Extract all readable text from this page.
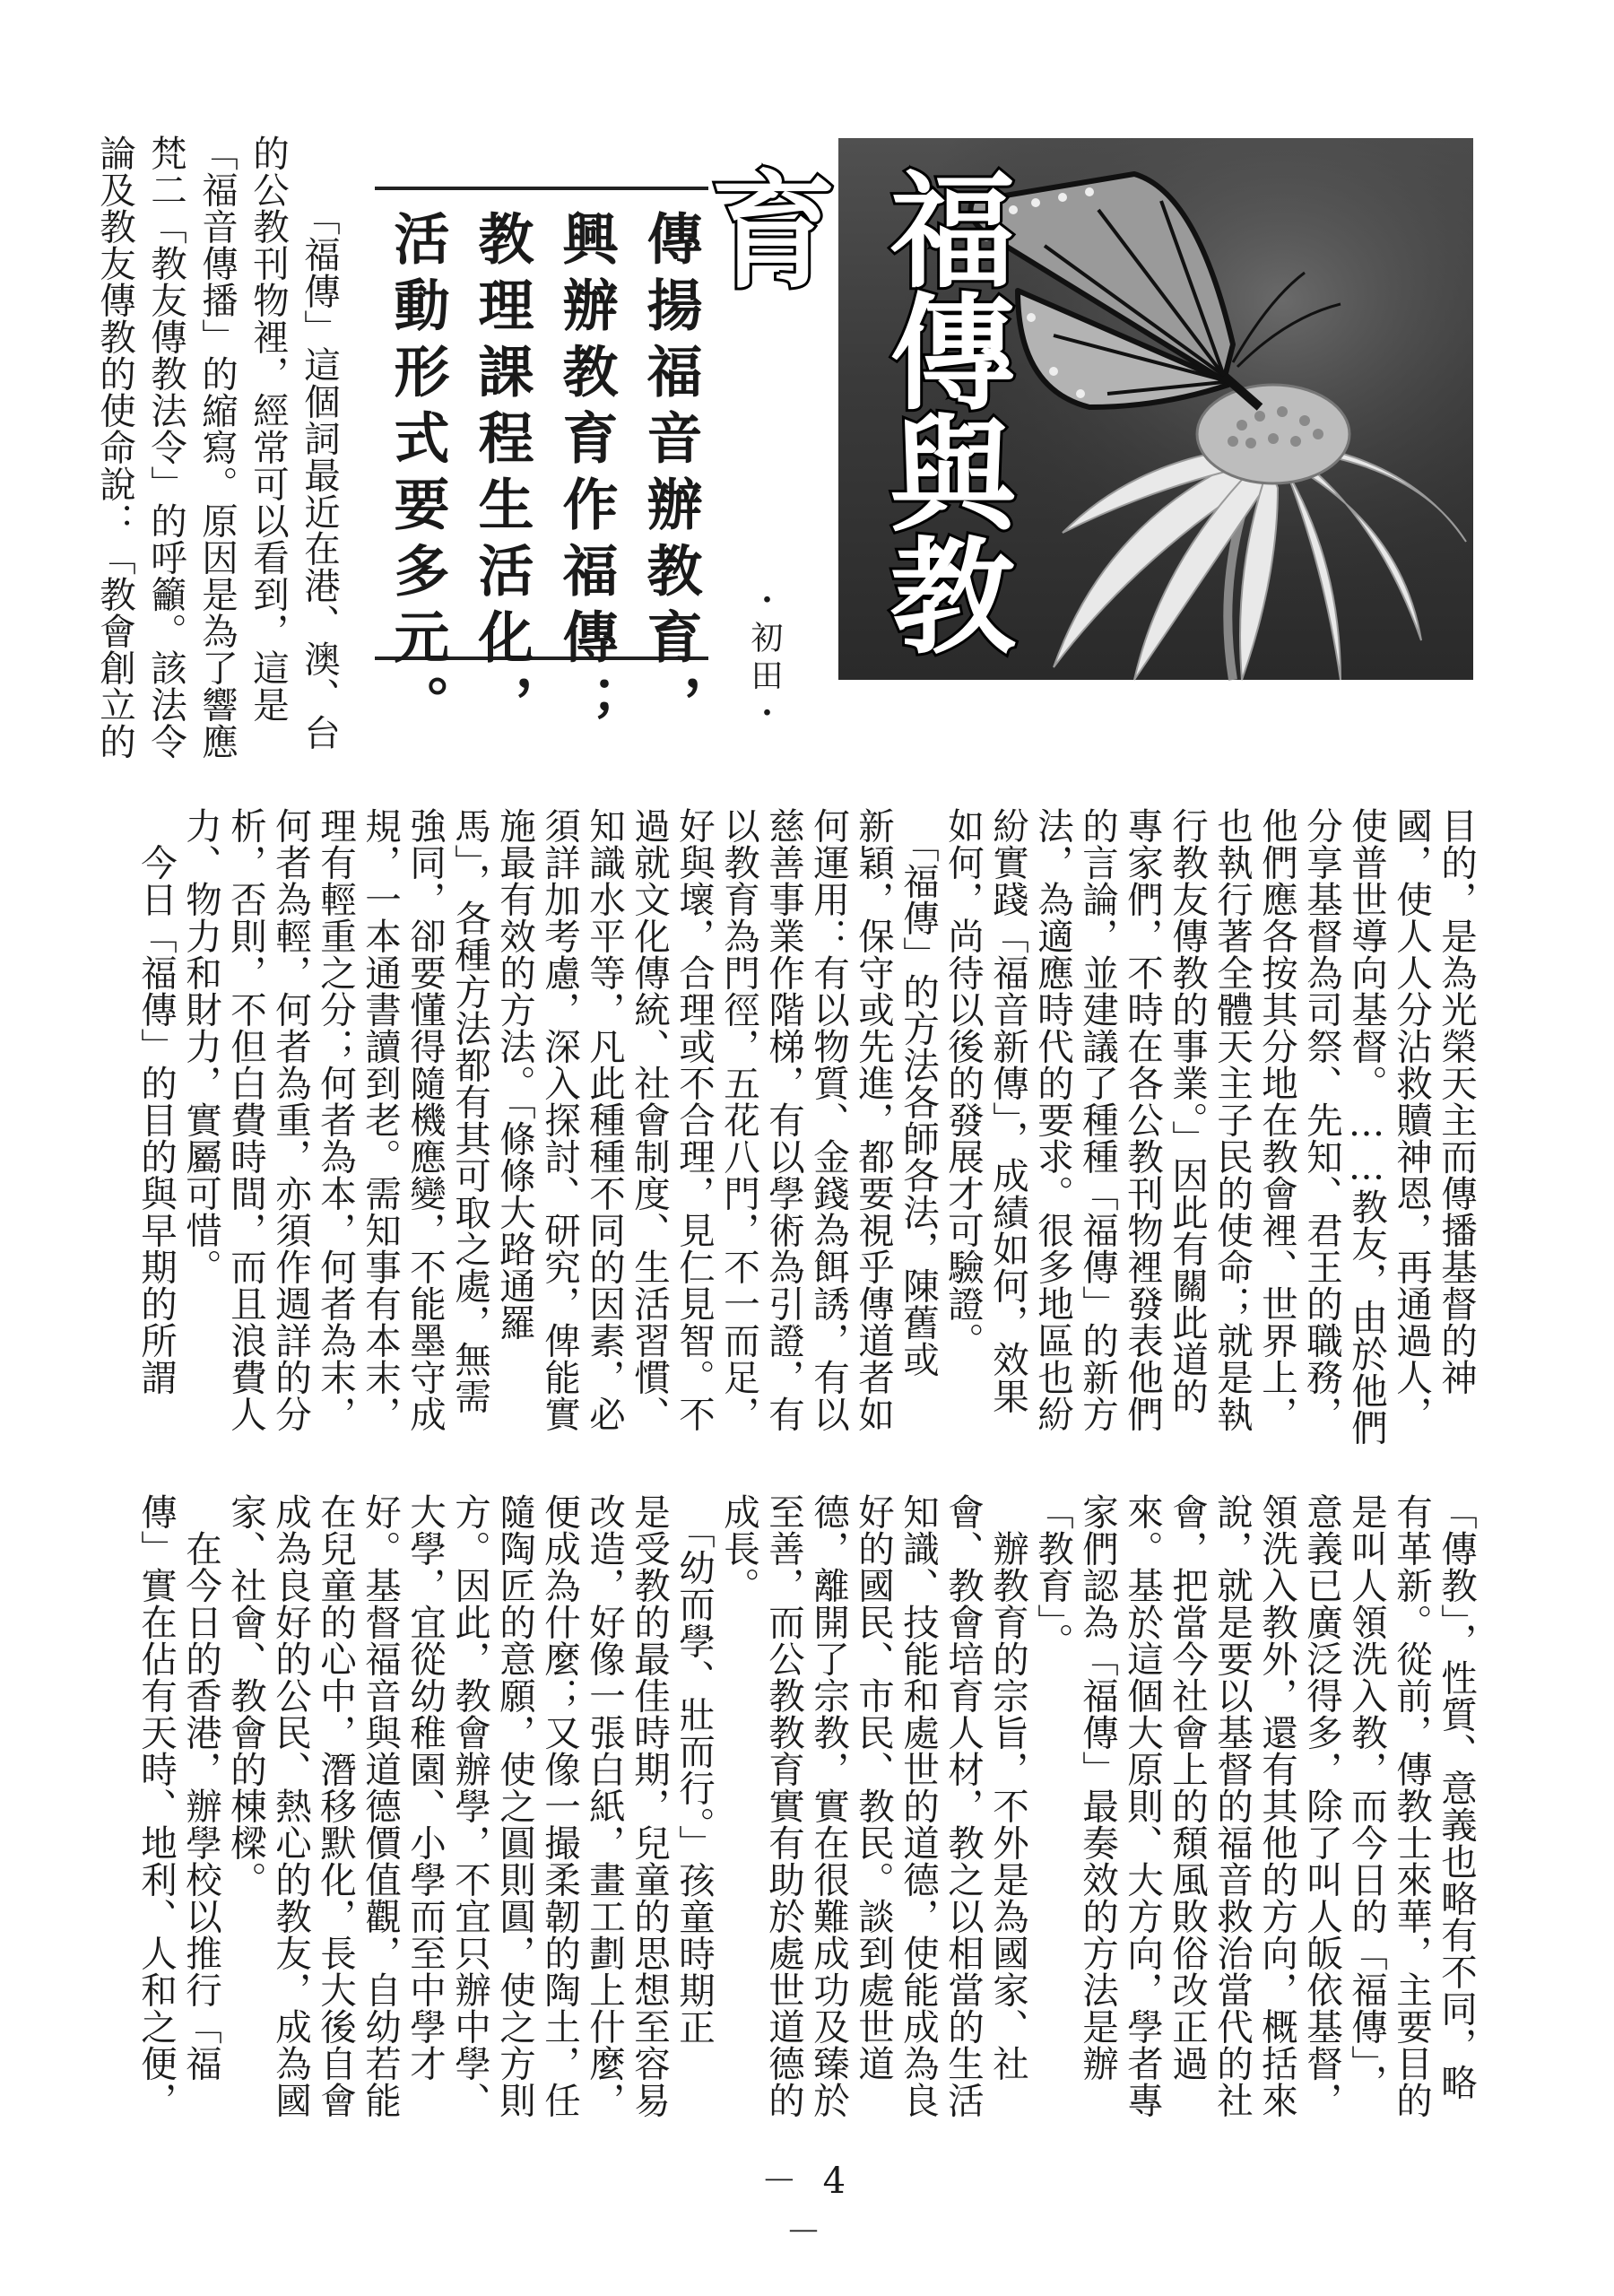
福傳與教育
・初田・
傳揚福音辦教育，
興辦教育作福傳；
教理課程生活化，
活動形式要多元。
「福傳」這個詞最近在港、澳、台
的公教刊物裡，經常可以看到，這是
「福音傳播」的縮寫。原因是為了響應
梵二「教友傳教法令」的呼籲。該法令
論及教友傳教的使命說：「教會創立的
目的，是為光榮天主而傳播基督的神
國，使人人分沾救贖神恩，再通過人，
使普世導向基督。……教友，由於他們
分享基督為司祭、先知、君王的職務，
他們應各按其分地在教會裡、世界上，
也執行著全體天主子民的使命；就是執
行教友傳教的事業。」因此有關此道的
專家們，不時在各公教刊物裡發表他們
的言論，並建議了種種「福傳」的新方
法，為適應時代的要求。很多地區也紛
紛實踐「福音新傳」，成績如何，效果
如何，尚待以後的發展才可驗證。
　「福傳」的方法各師各法，陳舊或
新穎，保守或先進，都要視乎傳道者如
何運用：有以物質、金錢為餌誘，有以
慈善事業作階梯，有以學術為引證，有
以教育為門徑，五花八門，不一而足，
好與壞，合理或不合理，見仁見智。不
過就文化傳統、社會制度、生活習慣、
知識水平等，凡此種種不同的因素，必
須詳加考慮，深入探討、研究，俾能實
施最有效的方法。「條條大路通羅
馬」，各種方法都有其可取之處，無需
強同，卻要懂得隨機應變，不能墨守成
規，一本通書讀到老。需知事有本末，
理有輕重之分；何者為本，何者為末，
何者為輕，何者為重，亦須作週詳的分
析，否則，不但白費時間，而且浪費人
力、物力和財力，實屬可惜。
　今日「福傳」的目的與早期的所謂
「傳教」，性質、意義也略有不同，略
有革新。從前，傳教士來華，主要目的
是叫人領洗入教，而今日的「福傳」，
意義已廣泛得多，除了叫人皈依基督，
領洗入教外，還有其他的方向，概括來
說，就是要以基督的福音救治當代的社
會，把當今社會上的頹風敗俗改正過
來。基於這個大原則、大方向，學者專
家們認為「福傳」最奏效的方法是辦
「教育」。
　辦教育的宗旨，不外是為國家、社
會、教會培育人材，教之以相當的生活
知識、技能和處世的道德，使能成為良
好的國民、市民、教民。談到處世道
德，離開了宗教，實在很難成功及臻於
至善，而公教教育實有助於處世道德的
成長。
　「幼而學、壯而行。」孩童時期正
是受教的最佳時期，兒童的思想至容易
改造，好像一張白紙，畫工劃上什麼，
便成為什麼；又像一撮柔韌的陶土，任
隨陶匠的意願，使之圓則圓，使之方則
方。因此，教會辦學，不宜只辦中學、
大學，宜從幼稚園、小學而至中學才
好。基督福音與道德價值觀，自幼若能
在兒童的心中，潛移默化，長大後自會
成為良好的公民、熱心的教友，成為國
家、社會、教會的棟樑。
　在今日的香港，辦學校以推行「福
傳」實在佔有天時、地利、人和之便，
－ 4 －
